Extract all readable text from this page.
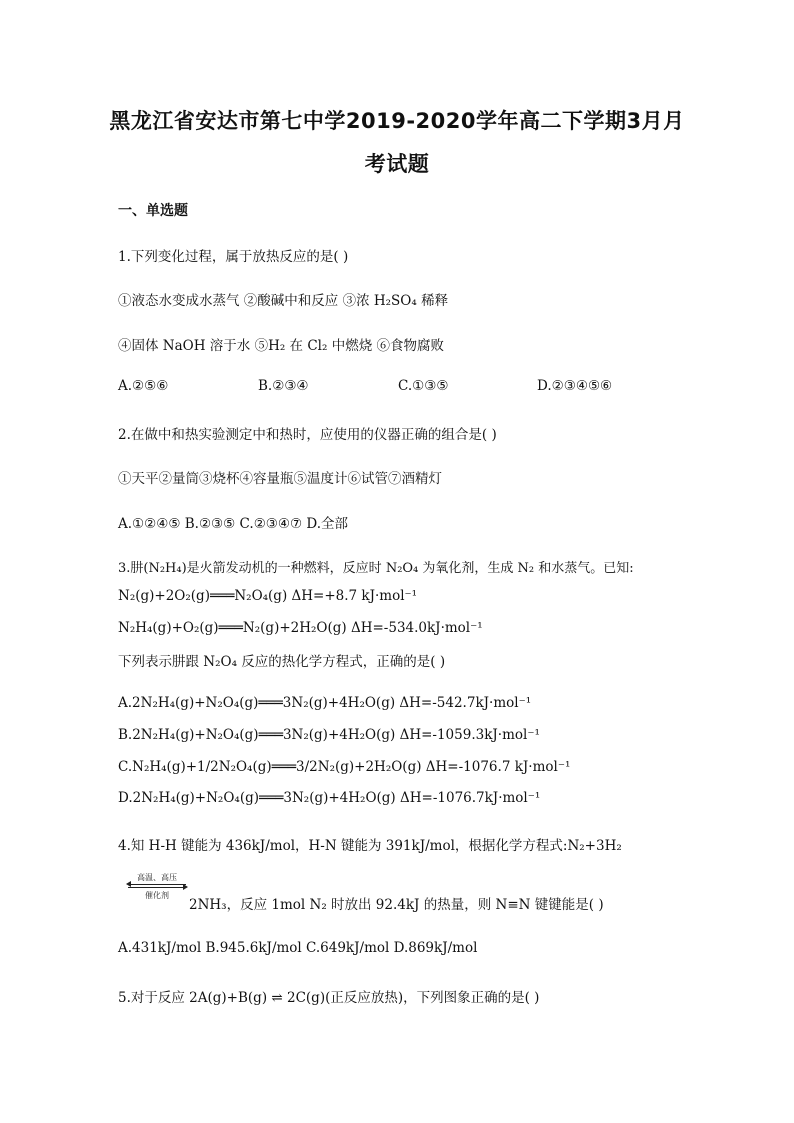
黑龙江省安达市第七中学2019-2020学年高二下学期3月月
考试题
一、单选题
1.下列变化过程，属于放热反应的是( )
①液态水变成水蒸气 ②酸碱中和反应 ③浓 H₂SO₄ 稀释
④固体 NaOH 溶于水 ⑤H₂ 在 Cl₂ 中燃烧 ⑥食物腐败
A.②⑤⑥	B.②③④	C.①③⑤	D.②③④⑤⑥
2.在做中和热实验测定中和热时，应使用的仪器正确的组合是( )
①天平②量筒③烧杯④容量瓶⑤温度计⑥试管⑦酒精灯
A.①②④⑤ B.②③⑤ C.②③④⑦ D.全部
3.肼(N₂H₄)是火箭发动机的一种燃料，反应时 N₂O₄ 为氧化剂，生成 N₂ 和水蒸气。已知:
N₂(g)+2O₂(g)═══N₂O₄(g) ΔH=+8.7 kJ·mol⁻¹
N₂H₄(g)+O₂(g)═══N₂(g)+2H₂O(g) ΔH=-534.0kJ·mol⁻¹
下列表示肼跟 N₂O₄ 反应的热化学方程式，正确的是( )
A.2N₂H₄(g)+N₂O₄(g)═══3N₂(g)+4H₂O(g) ΔH=-542.7kJ·mol⁻¹
B.2N₂H₄(g)+N₂O₄(g)═══3N₂(g)+4H₂O(g) ΔH=-1059.3kJ·mol⁻¹
C.N₂H₄(g)+1/2N₂O₄(g)═══3/2N₂(g)+2H₂O(g) ΔH=-1076.7 kJ·mol⁻¹
D.2N₂H₄(g)+N₂O₄(g)═══3N₂(g)+4H₂O(g) ΔH=-1076.7kJ·mol⁻¹
4.知 H-H 键能为 436kJ/mol，H-N 键能为 391kJ/mol，根据化学方程式:N₂+3H₂
高温、高压
催化剂
2NH₃，反应 1mol N₂ 时放出 92.4kJ 的热量，则 N≡N 键键能是( )
A.431kJ/mol B.945.6kJ/mol C.649kJ/mol D.869kJ/mol
5.对于反应 2A(g)+B(g) ⇌ 2C(g)(正反应放热)，下列图象正确的是( )
